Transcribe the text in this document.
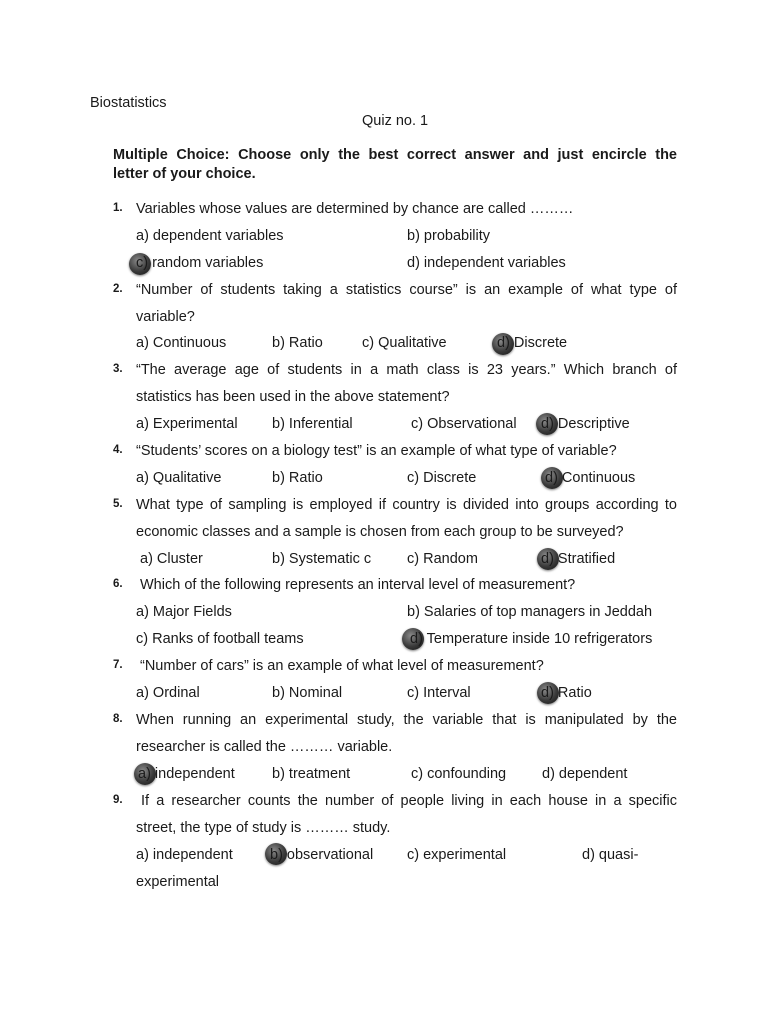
Biostatistics
Quiz no. 1
Multiple Choice: Choose only the best correct answer and just encircle the
letter of your choice.
1. Variables whose values are determined by chance are called ………
a) dependent variables	b) probability
c) random variables	d) independent variables
2. “Number of students taking a statistics course” is an example of what type of
variable?
a) Continuous	b) Ratio	c) Qualitative	d) Discrete
3. “The average age of students in a math class is 23 years.” Which branch of
statistics has been used in the above statement?
a) Experimental b) Inferential	c) Observational d) Descriptive
4. “Students’ scores on a biology test” is an example of what type of variable?
a) Qualitative	b) Ratio	c) Discrete	d) Continuous
5. What type of sampling is employed if country is divided into groups according to
economic classes and a sample is chosen from each group to be surveyed?
a) Cluster	b) Systematic c c) Random	d) Stratified
6. Which of the following represents an interval level of measurement?
a) Major Fields	b) Salaries of top managers in Jeddah
c) Ranks of football teams	d) Temperature inside 10 refrigerators
7. “Number of cars” is an example of what level of measurement?
a) Ordinal	b) Nominal	c) Interval	d) Ratio
8. When running an experimental study, the variable that is manipulated by the
researcher is called the ……… variable.
a) independent	b) treatment	c) confounding d) dependent
9. If a researcher counts the number of people living in each house in a specific
street, the type of study is ……… study.
a) independent	b) observational c) experimental	d) quasi-
experimental
